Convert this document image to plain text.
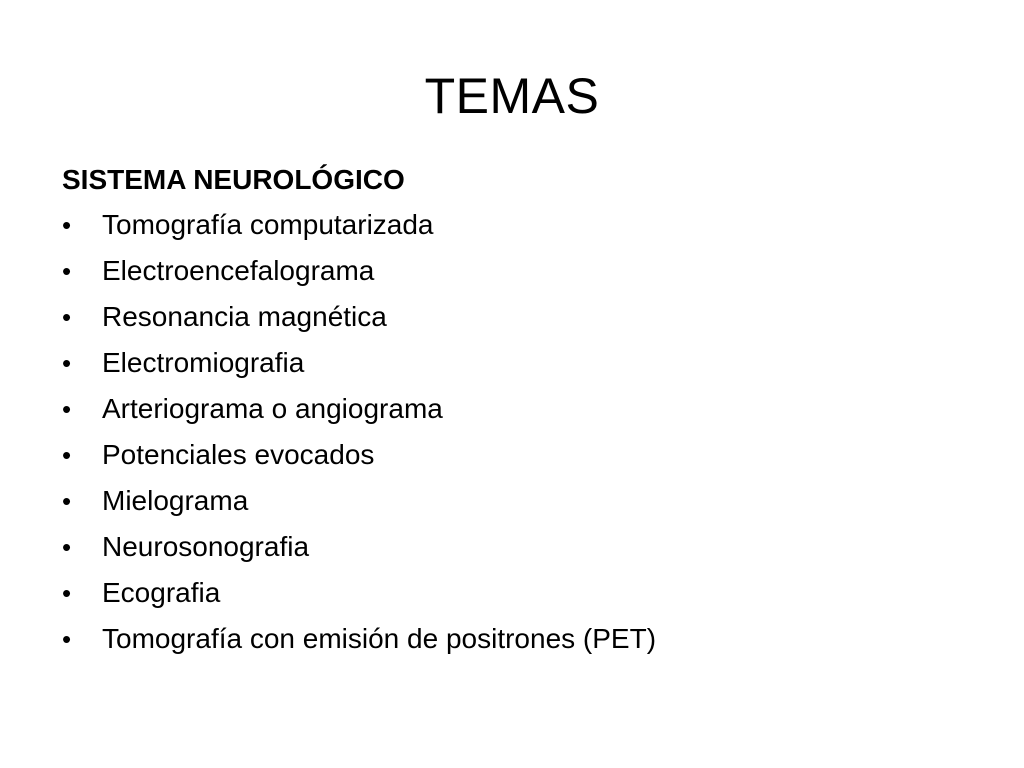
TEMAS
SISTEMA NEUROLÓGICO
•	Tomografía computarizada
•	Electroencefalograma
•	Resonancia magnética
•	Electromiografia
•	Arteriograma o angiograma
•	Potenciales evocados
•	Mielograma
•	Neurosonografia
•	Ecografia
•	Tomografía con emisión de positrones (PET)
